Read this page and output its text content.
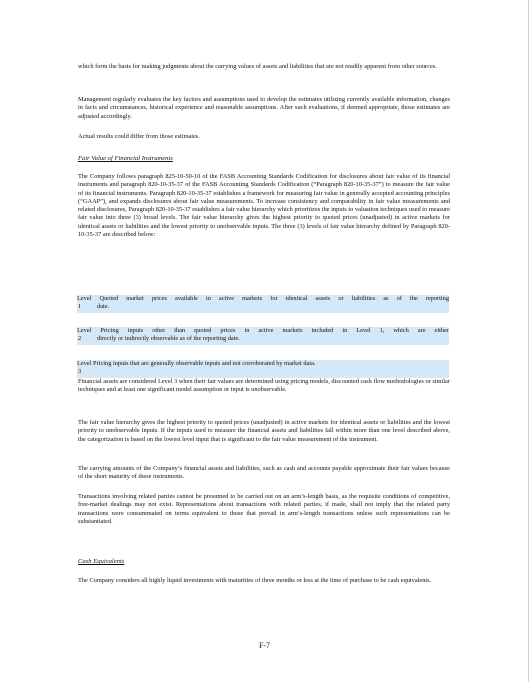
which form the basis for making judgments about the carrying values of assets and liabilities that are not readily apparent from other sources.

Management regularly evaluates the key factors and assumptions used to develop the estimates utilizing currently available information, changes in facts and circumstances, historical experience and reasonable assumptions. After such evaluations, if deemed appropriate, those estimates are adjusted accordingly.

Actual results could differ from those estimates.

Fair Value of Financial Instruments

The Company follows paragraph 825-10-50-10 of the FASB Accounting Standards Codification for disclosures about fair value of its financial instruments and paragraph 820-10-35-37 of the FASB Accounting Standards Codification (“Paragraph 820-10-35-37”) to measure the fair value of its financial instruments. Paragraph 820-10-35-37 establishes a framework for measuring fair value in generally accepted accounting principles (“GAAP”), and expands disclosures about fair value measurements. To increase consistency and comparability in fair value measurements and related disclosures, Paragraph 820-10-35-37 establishes a fair value hierarchy which prioritizes the inputs to valuation techniques used to measure fair value into three (3) broad levels. The fair value hierarchy gives the highest priority to quoted prices (unadjusted) in active markets for identical assets or liabilities and the lowest priority to unobservable inputs. The three (3) levels of fair value hierarchy defined by Paragraph 820-10-35-37 are described below:

Level Quoted market prices available in active markets for identical assets or liabilities as of the reporting
1	date.
Level Pricing inputs other than quoted prices in active markets included in Level 1, which are either
2	directly or indirectly observable as of the reporting date.
Level Pricing inputs that are generally observable inputs and not corroborated by market data.
3

Financial assets are considered Level 3 when their fair values are determined using pricing models, discounted cash flow methodologies or similar techniques and at least one significant model assumption or input is unobservable.

The fair value hierarchy gives the highest priority to quoted prices (unadjusted) in active markets for identical assets or liabilities and the lowest priority to unobservable inputs. If the inputs used to measure the financial assets and liabilities fall within more than one level described above, the categorization is based on the lowest level input that is significant to the fair value measurement of the instrument.

The carrying amounts of the Company’s financial assets and liabilities, such as cash and accounts payable approximate their fair values because of the short maturity of these instruments.

Transactions involving related parties cannot be presumed to be carried out on an arm’s-length basis, as the requisite conditions of competitive, free-market dealings may not exist. Representations about transactions with related parties, if made, shall not imply that the related party transactions were consummated on terms equivalent to those that prevail in arm’s-length transactions unless such representations can be substantiated.

Cash Equivalents

The Company considers all highly liquid investments with maturities of three months or less at the time of purchase to be cash equivalents.

F-7
